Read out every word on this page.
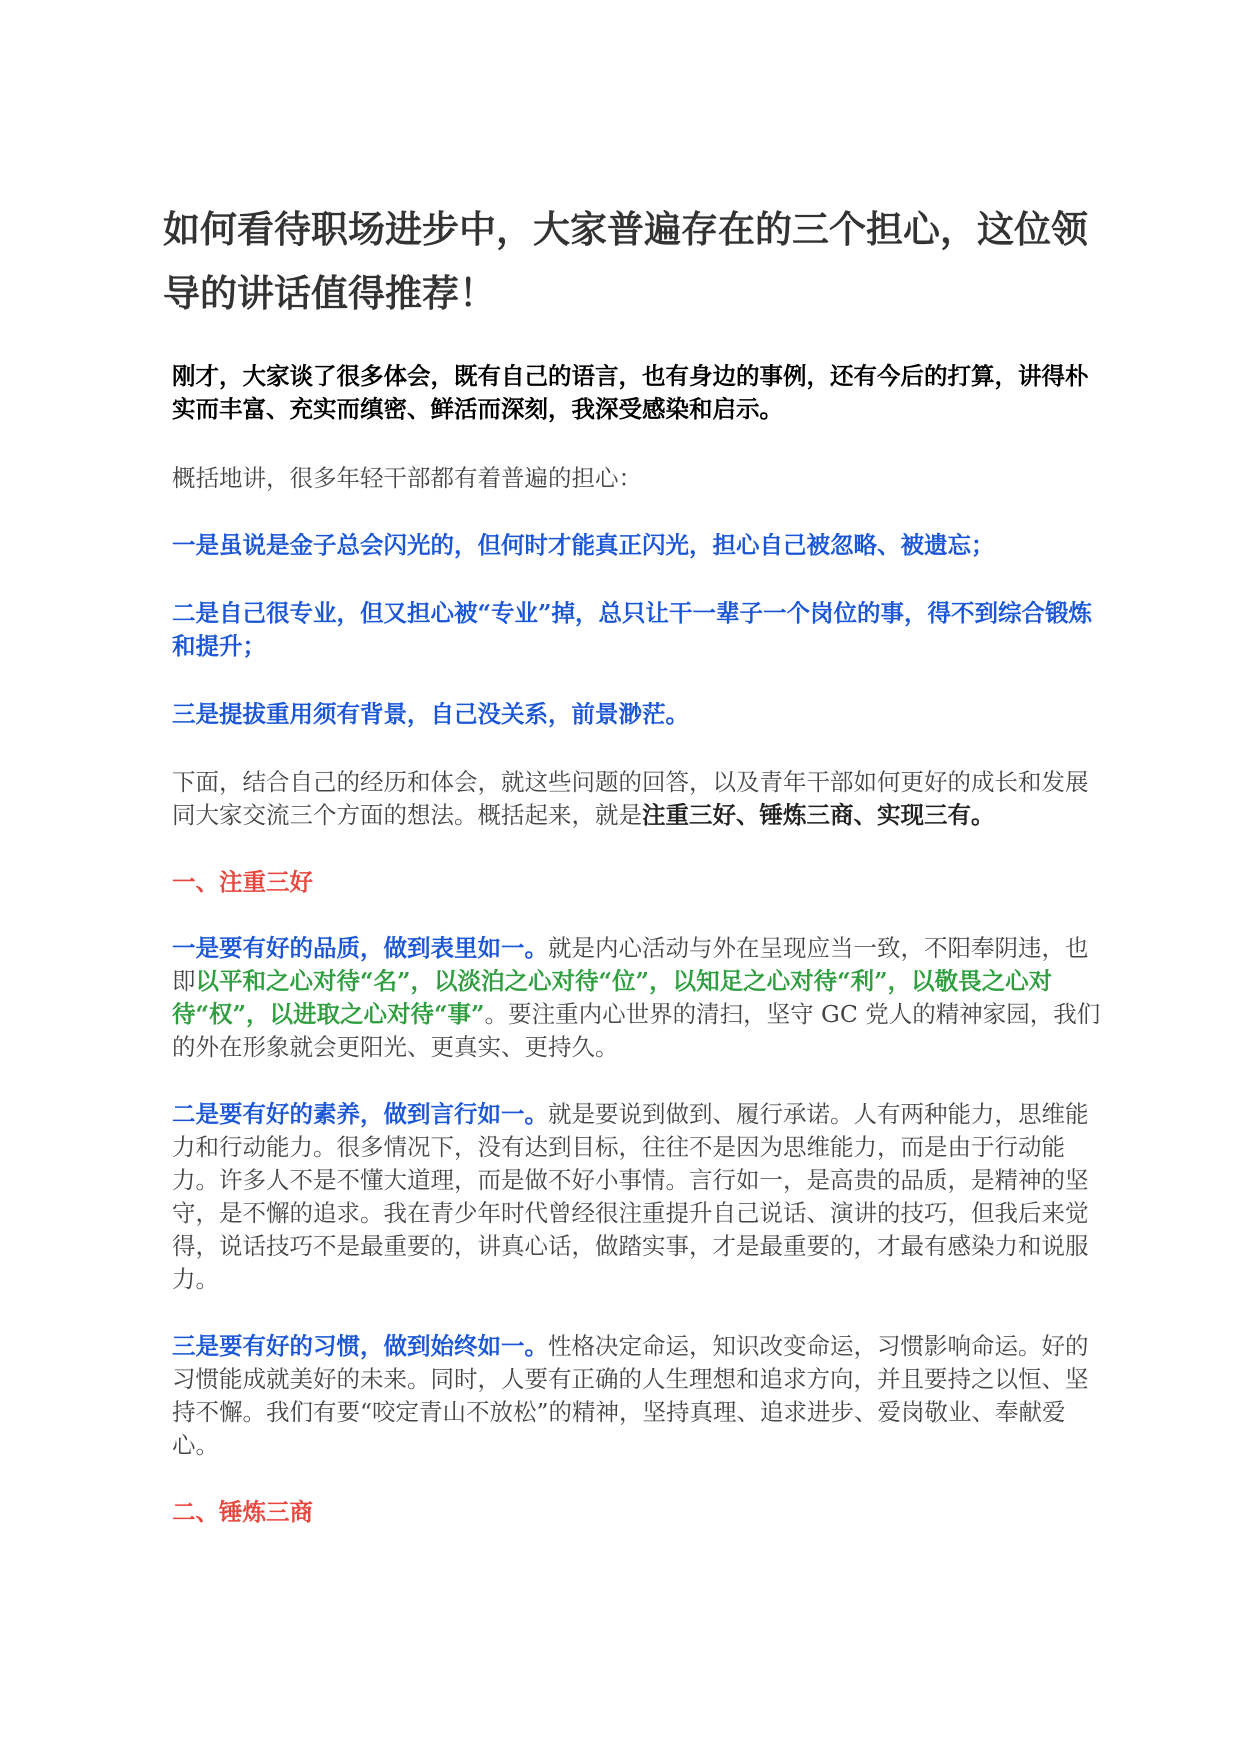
如何看待职场进步中，大家普遍存在的三个担心，这位领导的讲话值得推荐！

刚才，大家谈了很多体会，既有自己的语言，也有身边的事例，还有今后的打算，讲得朴实而丰富、充实而缜密、鲜活而深刻，我深受感染和启示。

概括地讲，很多年轻干部都有着普遍的担心：

一是虽说是金子总会闪光的，但何时才能真正闪光，担心自己被忽略、被遗忘；

二是自己很专业，但又担心被“专业”掉，总只让干一辈子一个岗位的事，得不到综合锻炼和提升；

三是提拔重用须有背景，自己没关系，前景渺茫。

下面，结合自己的经历和体会，就这些问题的回答，以及青年干部如何更好的成长和发展同大家交流三个方面的想法。概括起来，就是注重三好、锤炼三商、实现三有。

一、注重三好

一是要有好的品质，做到表里如一。就是内心活动与外在呈现应当一致，不阳奉阴违，也即以平和之心对待“名”，以淡泊之心对待“位”，以知足之心对待“利”，以敬畏之心对待“权”，以进取之心对待“事”。要注重内心世界的清扫，坚守 GC 党人的精神家园，我们的外在形象就会更阳光、更真实、更持久。

二是要有好的素养，做到言行如一。就是要说到做到、履行承诺。人有两种能力，思维能力和行动能力。很多情况下，没有达到目标，往往不是因为思维能力，而是由于行动能力。许多人不是不懂大道理，而是做不好小事情。言行如一，是高贵的品质，是精神的坚守，是不懈的追求。我在青少年时代曾经很注重提升自己说话、演讲的技巧，但我后来觉得，说话技巧不是最重要的，讲真心话，做踏实事，才是最重要的，才最有感染力和说服力。

三是要有好的习惯，做到始终如一。性格决定命运，知识改变命运，习惯影响命运。好的习惯能成就美好的未来。同时，人要有正确的人生理想和追求方向，并且要持之以恒、坚持不懈。我们有要“咬定青山不放松”的精神，坚持真理、追求进步、爱岗敬业、奉献爱心。

二、锤炼三商
